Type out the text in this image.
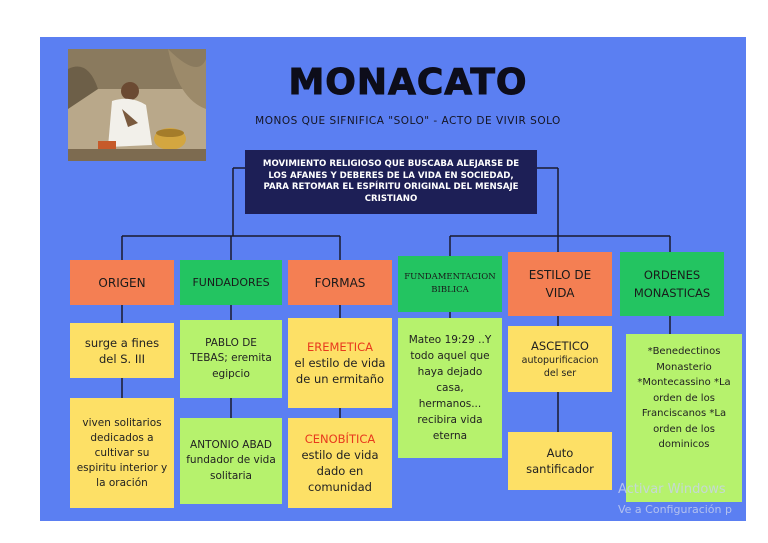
MONACATO
MONOS QUE SIFNIFICA "SOLO" - ACTO DE VIVIR SOLO
MOVIMIENTO RELIGIOSO QUE BUSCABA ALEJARSE DE LOS AFANES Y DEBERES DE LA VIDA EN SOCIEDAD, PARA RETOMAR EL ESPÍRITU ORIGINAL DEL MENSAJE CRISTIANO
ORIGEN
surge a fines del S. III
viven solitarios dedicados a cultivar su espiritu interior y la oración
FUNDADORES
PABLO DE TEBAS; eremita egipcio
ANTONIO ABAD
fundador de vida solitaria
FORMAS
EREMETICA
el estilo de vida de un ermitaño
CENOBÍTICA
estilo de vida dado en comunidad
FUNDAMENTACION BIBLICA
Mateo 19:29 ..Y todo aquel que haya dejado casa, hermanos... recibira vida eterna
ESTILO DE VIDA
ASCETICO
autopurificacion del ser
Auto santificador
ORDENES MONASTICAS
*Benedectinos Monasterio *Montecassino *La orden de los Franciscanos *La orden de los dominicos
Activar Windows
Ve a Configuración p
